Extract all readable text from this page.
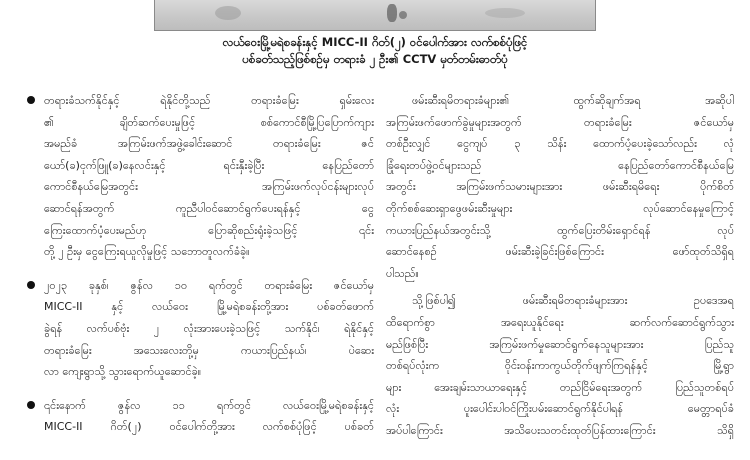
လယ်ဝေးမြို့မရဲစခန်းနှင့် MICC-II ဂိတ်(၂) ဝင်ပေါက်အား လက်စစ်ပုံဖြင့်
ပစ်ခတ်သည့်ဖြစ်စဉ်မှ တရားခံ ၂ ဦး၏ CCTV မှတ်တမ်းဓာတ်ပုံ
တရားခံသက်နိုင်နှင့် ရဲနိုင်တို့သည် တရားခံမြေး ရှမ်းလေး
၏ ချိတ်ဆက်ပေးမှုဖြင့် စစ်ကောင်စီမြို့ပြပြောက်ကျား
အမည်ခံ အကြမ်းဖက်အဖွဲ့ခေါင်းဆောင် တရားခံမြေး ဇင်
ယော်(ခ)ငုက်ဖြူ(ခ)နေလင်းနှင့် ရင်းနှီးခဲ့ပြီး နေပြည်တော်
ကောင်စီနယ်မြေအတွင်း အကြမ်းဖက်လုပ်ငန်းများလုပ်
ဆောင်ရန်အတွက် ကူညီပါဝင်ဆောင်ရွက်ပေးရန်နှင့် ငွေ
ကြေးထောက်ပံ့ပေးမည်ဟု ပြောဆိုစည်းရုံးခဲ့သဖြင့် ၎င်း
တို့ ၂ ဦးမှ ငွေကြေးရယူလိုမှုဖြင့် သဘောတူလက်ခံခဲ့။
၂၀၂၃ ခုနှစ်၊ ဇွန်လ ၁၀ ရက်တွင် တရားခံမြေး ဇင်ယော်မှ
MICC-II နှင့် လယ်ဝေး မြို့မရဲစခန်းတို့အား ပစ်ခတ်ဖောက်
ခွဲရန် လက်ပစ်ဗုံး ၂ လုံးအားပေးခဲ့သဖြင့် သက်နိုင်၊ ရဲနိုင်နှင့်
တရားခံမြေး အသေးလေးတို့မှ ကယားပြည်နယ်၊ ပဲဆေး
လာ ကျေးရွာသို့ သွားရောက်ယူဆောင်ခဲ့။
၎င်းနောက် ဇွန်လ ၁၁ ရက်တွင် လယ်ဝေးမြို့မရဲစခန်းနှင့်
MICC-II ဂိတ်(၂) ဝင်ပေါက်တို့အား လက်စစ်ပုံဖြင့် ပစ်ခတ်
ဖမ်းဆီးရမိတရားခံများ၏ ထွက်ဆိုချက်အရ အဆိုပါ
အကြမ်းဖက်ဖောက်ခွဲမှုများအတွက် တရားခံမြေး ဇင်ယော်မှ
တစ်ဦးလျှင် ငွေကျပ် ၃ သိန်း ထောက်ပံ့ပေးခဲ့သော်လည်း လုံ
ခြုံရေးတပ်ဖွဲ့ဝင်များသည် နေပြည်တော်ကောင်စီနယ်မြေ
အတွင်း အကြမ်းဖက်သမားများအား ဖမ်းဆီးရမိရေး ပိုက်စိတ်
တိုက်စစ်ဆေးရှာဖွေဖမ်းဆီးမှုများ လုပ်ဆောင်နေမှုကြောင့်
ကယားပြည်နယ်အတွင်းသို့ ထွက်ပြေးတိမ်းရှောင်ရန် လုပ်
ဆောင်နေစဉ် ဖမ်းဆီးခဲ့ခြင်းဖြစ်ကြောင်း ဖော်ထုတ်သိရှိရ
ပါသည်။
သို့ဖြစ်ပါ၍ ဖမ်းဆီးရမိတရားခံများအား ဥပဒေအရ
ထိရောက်စွာ အရေးယူနိုင်ရေး ဆက်လက်ဆောင်ရွက်သွား
မည်ဖြစ်ပြီး အကြမ်းဖက်မှုဆောင်ရွက်နေသူများအား ပြည်သူ
တစ်ရပ်လုံးက ဝိုင်းဝန်းကာကွယ်တိုက်ဖျက်ကြရန်နှင့် မြို့ရွာ
များ အေးချမ်းသာယာရေးနှင့် တည်ငြိမ်ရေးအတွက် ပြည်သူတစ်ရပ်
လုံး ပူးပေါင်းပါဝင်ကြိုးပမ်းဆောင်ရွက်နိုင်ပါရန် မေတ္တာရပ်ခံ
အပ်ပါကြောင်း အသိပေးသတင်းထုတ်ပြန်ထားကြောင်း သိရှိ
